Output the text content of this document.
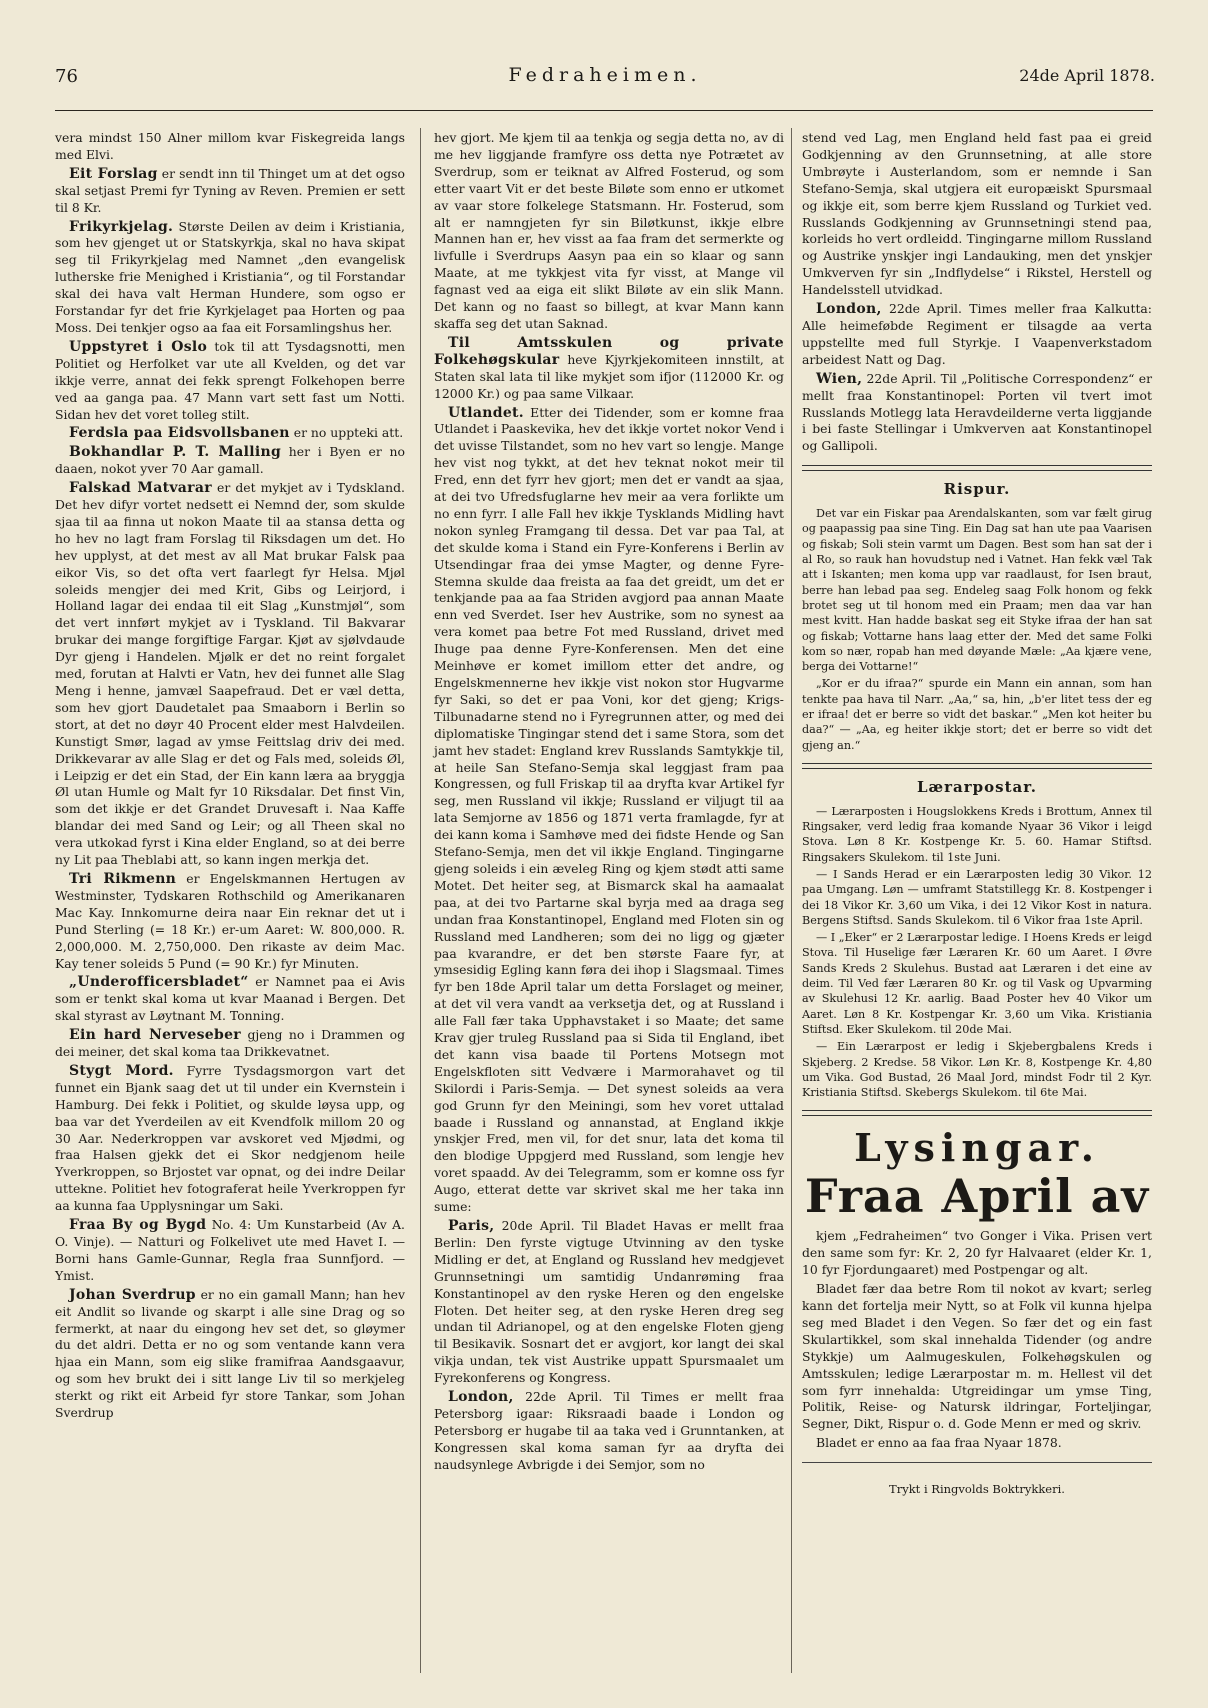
76	Fedraheimen.	24de April 1878.

vera mindst 150 Alner millom kvar Fiskegreida langs med Elvi.

Eit Forslag er sendt inn til Thinget um at det ogso skal setjast Premi fyr Tyning av Reven. Premien er sett til 8 Kr.

Frikyrkjelag. Største Deilen av deim i Kristiania, som hev gjenget ut or Statskyrkja, skal no hava skipat seg til Frikyrkjelag med Namnet „den evangelisk lutherske frie Menighed i Kristiania“, og til Forstandar skal dei hava valt Herman Hundere, som ogso er Forstandar fyr det frie Kyrkjelaget paa Horten og paa Moss. Dei tenkjer ogso aa faa eit Forsamlingshus her.

Uppstyret i Oslo tok til att Tysdagsnotti, men Politiet og Herfolket var ute all Kvelden, og det var ikkje verre, annat dei fekk sprengt Folkehopen berre ved aa ganga paa. 47 Mann vart sett fast um Notti. Sidan hev det voret tolleg stilt.

Ferdsla paa Eidsvollsbanen er no uppteki att.

Bokhandlar P. T. Malling her i Byen er no daaen, nokot yver 70 Aar gamall.

Falskad Matvarar er det mykjet av i Tydskland. Det hev difyr vortet nedsett ei Nemnd der, som skulde sjaa til aa finna ut nokon Maate til aa stansa detta og ho hev no lagt fram Forslag til Riksdagen um det. Ho hev upplyst, at det mest av all Mat brukar Falsk paa eikor Vis, so det ofta vert faarlegt fyr Helsa. Mjøl soleids mengjer dei med Krit, Gibs og Leirjord, i Holland lagar dei endaa til eit Slag „Kunstmjøl“, som det vert innført mykjet av i Tyskland. Til Bakvarar brukar dei mange forgiftige Fargar. Kjøt av sjølvdaude Dyr gjeng i Handelen. Mjølk er det no reint forgalet med, forutan at Halvti er Vatn, hev dei funnet alle Slag Meng i henne, jamvæl Saapefraud. Det er væl detta, som hev gjort Daudetalet paa Smaaborn i Berlin so stort, at det no døyr 40 Procent elder mest Halvdeilen. Kunstigt Smør, lagad av ymse Feittslag driv dei med. Drikkevarar av alle Slag er det og Fals med, soleids Øl, i Leipzig er det ein Stad, der Ein kann læra aa bryggja Øl utan Humle og Malt fyr 10 Riksdalar. Det finst Vin, som det ikkje er det Grandet Druvesaft i. Naa Kaffe blandar dei med Sand og Leir; og all Theen skal no vera utkokad fyrst i Kina elder England, so at dei berre ny Lit paa Theblabi att, so kann ingen merkja det.

Tri Rikmenn er Engelskmannen Hertugen av Westminster, Tydskaren Rothschild og Amerikanaren Mac Kay. Innkomurne deira naar Ein reknar det ut i Pund Sterling (= 18 Kr.) er-um Aaret: W. 800,000. R. 2,000,000. M. 2,750,000. Den rikaste av deim Mac. Kay tener soleids 5 Pund (= 90 Kr.) fyr Minuten.

„Underofficersbladet“ er Namnet paa ei Avis som er tenkt skal koma ut kvar Maanad i Bergen. Det skal styrast av Løytnant M. Tonning.

Ein hard Nerveseber gjeng no i Drammen og dei meiner, det skal koma taa Drikkevatnet.

Stygt Mord. Fyrre Tysdagsmorgon vart det funnet ein Bjank saag det ut til under ein Kvernstein i Hamburg. Dei fekk i Politiet, og skulde løysa upp, og baa var det Yverdeilen av eit Kvendfolk millom 20 og 30 Aar. Nederkroppen var avskoret ved Mjødmi, og fraa Halsen gjekk det ei Skor nedgjenom heile Yverkroppen, so Brjostet var opnat, og dei indre Deilar uttekne. Politiet hev fotograferat heile Yverkroppen fyr aa kunna faa Upplysningar um Saki.

Fraa By og Bygd No. 4: Um Kunstarbeid (Av A. O. Vinje). — Natturi og Folkelivet ute med Havet I. — Borni hans Gamle-Gunnar, Regla fraa Sunnfjord. — Ymist.

Johan Sverdrup er no ein gamall Mann; han hev eit Andlit so livande og skarpt i alle sine Drag og so fermerkt, at naar du eingong hev set det, so gløymer du det aldri. Detta er no og som ventande kann vera hjaa ein Mann, som eig slike framifraa Aandsgaavur, og som hev brukt dei i sitt lange Liv til so merkjeleg sterkt og rikt eit Arbeid fyr store Tankar, som Johan Sverdrup

hev gjort. Me kjem til aa tenkja og segja detta no, av di me hev liggjande framfyre oss detta nye Potrætet av Sverdrup, som er teiknat av Alfred Fosterud, og som etter vaart Vit er det beste Biløte som enno er utkomet av vaar store folkelege Statsmann. Hr. Fosterud, som alt er namngjeten fyr sin Biløtkunst, ikkje elbre Mannen han er, hev visst aa faa fram det sermerkte og livfulle i Sverdrups Aasyn paa ein so klaar og sann Maate, at me tykkjest vita fyr visst, at Mange vil fagnast ved aa eiga eit slikt Biløte av ein slik Mann. Det kann og no faast so billegt, at kvar Mann kann skaffa seg det utan Saknad.

Til Amtsskulen og private Folkehøgskular heve Kjyrkjekomiteen innstilt, at Staten skal lata til like mykjet som ifjor (112000 Kr. og 12000 Kr.) og paa same Vilkaar.

Utlandet. Etter dei Tidender, som er komne fraa Utlandet i Paaskevika, hev det ikkje vortet nokor Vend i det uvisse Tilstandet, som no hev vart so lengje. Mange hev vist nog tykkt, at det hev teknat nokot meir til Fred, enn det fyrr hev gjort; men det er vandt aa sjaa, at dei tvo Ufredsfuglarne hev meir aa vera forlikte um no enn fyrr. I alle Fall hev ikkje Tysklands Midling havt nokon synleg Framgang til dessa. Det var paa Tal, at det skulde koma i Stand ein Fyre-Konferens i Berlin av Utsendingar fraa dei ymse Magter, og denne Fyre-Stemna skulde daa freista aa faa det greidt, um det er tenkjande paa aa faa Striden avgjord paa annan Maate enn ved Sverdet. Iser hev Austrike, som no synest aa vera komet paa betre Fot med Russland, drivet med Ihuge paa denne Fyre-Konferensen. Men det eine Meinhøve er komet imillom etter det andre, og Engelskmennerne hev ikkje vist nokon stor Hugvarme fyr Saki, so det er paa Voni, kor det gjeng; Krigs-Tilbunadarne stend no i Fyregrunnen atter, og med dei diplomatiske Tingingar stend det i same Stora, som det jamt hev stadet: England krev Russlands Samtykkje til, at heile San Stefano-Semja skal leggjast fram paa Kongressen, og full Friskap til aa dryfta kvar Artikel fyr seg, men Russland vil ikkje; Russland er viljugt til aa lata Semjorne av 1856 og 1871 verta framlagde, fyr at dei kann koma i Samhøve med dei fidste Hende og San Stefano-Semja, men det vil ikkje England. Tingingarne gjeng soleids i ein æveleg Ring og kjem stødt atti same Motet. Det heiter seg, at Bismarck skal ha aamaalat paa, at dei tvo Partarne skal byrja med aa draga seg undan fraa Konstantinopel, England med Floten sin og Russland med Landheren; som dei no ligg og gjæter paa kvarandre, er det ben største Faare fyr, at ymsesidig Egling kann føra dei ihop i Slagsmaal. Times fyr ben 18de April talar um detta Forslaget og meiner, at det vil vera vandt aa verksetja det, og at Russland i alle Fall fær taka Upphavstaket i so Maate; det same Krav gjer truleg Russland paa si Sida til England, ibet det kann visa baade til Portens Motsegn mot Engelskfloten sitt Vedvære i Marmorahavet og til Skilordi i Paris-Semja. — Det synest soleids aa vera god Grunn fyr den Meiningi, som hev voret uttalad baade i Russland og annanstad, at England ikkje ynskjer Fred, men vil, for det snur, lata det koma til den blodige Uppgjerd med Russland, som lengje hev voret spaadd. Av dei Telegramm, som er komne oss fyr Augo, etterat dette var skrivet skal me her taka inn sume:

Paris, 20de April. Til Bladet Havas er mellt fraa Berlin: Den fyrste vigtuge Utvinning av den tyske Midling er det, at England og Russland hev medgjevet Grunnsetningi um samtidig Undanrøming fraa Konstantinopel av den ryske Heren og den engelske Floten. Det heiter seg, at den ryske Heren dreg seg undan til Adrianopel, og at den engelske Floten gjeng til Besikavik. Sosnart det er avgjort, kor langt dei skal vikja undan, tek vist Austrike uppatt Spursmaalet um Fyrekonferens og Kongress.

London, 22de April. Til Times er mellt fraa Petersborg igaar: Riksraadi baade i London og Petersborg er hugabe til aa taka ved i Grunntanken, at Kongressen skal koma saman fyr aa dryfta dei naudsynlege Avbrigde i dei Semjor, som no

stend ved Lag, men England held fast paa ei greid Godkjenning av den Grunnsetning, at alle store Umbrøyte i Austerlandom, som er nemnde i San Stefano-Semja, skal utgjera eit europæiskt Spursmaal og ikkje eit, som berre kjem Russland og Turkiet ved. Russlands Godkjenning av Grunnsetningi stend paa, korleids ho vert ordleidd. Tingingarne millom Russland og Austrike ynskjer ingi Landauking, men det ynskjer Umkverven fyr sin „Indflydelse“ i Rikstel, Herstell og Handelsstell utvidkad.

London, 22de April. Times meller fraa Kalkutta: Alle heimeføbde Regiment er tilsagde aa verta uppstellte med full Styrkje. I Vaapenverkstadom arbeidest Natt og Dag.

Wien, 22de April. Til „Politische Correspondenz“ er mellt fraa Konstantinopel: Porten vil tvert imot Russlands Motlegg lata Heravdeilderne verta liggjande i bei faste Stellingar i Umkverven aat Konstantinopel og Gallipoli.

Rispur.

Det var ein Fiskar paa Arendalskanten, som var fælt girug og paapassig paa sine Ting. Ein Dag sat han ute paa Vaarisen og fiskab; Soli stein varmt um Dagen. Best som han sat der i al Ro, so rauk han hovudstup ned i Vatnet. Han fekk væl Tak att i Iskanten; men koma upp var raadlaust, for Isen braut, berre han lebad paa seg. Endeleg saag Folk honom og fekk brotet seg ut til honom med ein Praam; men daa var han mest kvitt. Han hadde baskat seg eit Styke ifraa der han sat og fiskab; Vottarne hans laag etter der. Med det same Folki kom so nær, ropab han med døyande Mæle: „Aa kjære vene, berga dei Vottarne!“

„Kor er du ifraa?“ spurde ein Mann ein annan, som han tenkte paa hava til Narr. „Aa,“ sa, hin, „b'er litet tess der eg er ifraa! det er berre so vidt det baskar.“ „Men kot heiter bu daa?“ — „Aa, eg heiter ikkje stort; det er berre so vidt det gjeng an.“

Lærarpostar.

— Lærarposten i Hougslokkens Kreds i Brottum, Annex til Ringsaker, verd ledig fraa komande Nyaar 36 Vikor i leigd Stova. Løn 8 Kr. Kostpenge Kr. 5. 60. Hamar Stiftsd. Ringsakers Skulekom. til 1ste Juni.

— I Sands Herad er ein Lærarposten ledig 30 Vikor. 12 paa Umgang. Løn — umframt Statstillegg Kr. 8. Kostpenger i dei 18 Vikor Kr. 3,60 um Vika, i dei 12 Vikor Kost in natura. Bergens Stiftsd. Sands Skulekom. til 6 Vikor fraa 1ste April.

— I „Eker“ er 2 Lærarpostar ledige. I Hoens Kreds er leigd Stova. Til Huselige fær Læraren Kr. 60 um Aaret. I Øvre Sands Kreds 2 Skulehus. Bustad aat Læraren i det eine av deim. Til Ved fær Læraren 80 Kr. og til Vask og Upvarming av Skulehusi 12 Kr. aarlig. Baad Poster hev 40 Vikor um Aaret. Løn 8 Kr. Kostpengar Kr. 3,60 um Vika. Kristiania Stiftsd. Eker Skulekom. til 20de Mai.

— Ein Lærarpost er ledig i Skjebergbalens Kreds i Skjeberg. 2 Kredse. 58 Vikor. Løn Kr. 8, Kostpenge Kr. 4,80 um Vika. God Bustad, 26 Maal Jord, mindst Fodr til 2 Kyr. Kristiania Stiftsd. Skebergs Skulekom. til 6te Mai.

Lysingar.
Fraa April av

kjem „Fedraheimen“ tvo Gonger i Vika. Prisen vert den same som fyr: Kr. 2, 20 fyr Halvaaret (elder Kr. 1, 10 fyr Fjordungaaret) med Postpengar og alt.

Bladet fær daa betre Rom til nokot av kvart; serleg kann det fortelja meir Nytt, so at Folk vil kunna hjelpa seg med Bladet i den Vegen. So fær det og ein fast Skulartikkel, som skal innehalda Tidender (og andre Stykkje) um Aalmugeskulen, Folkehøgskulen og Amtsskulen; ledige Lærarpostar m. m. Hellest vil det som fyrr innehalda: Utgreidingar um ymse Ting, Politik, Reise- og Natursk ildringar, Forteljingar, Segner, Dikt, Rispur o. d. Gode Menn er med og skriv.

Bladet er enno aa faa fraa Nyaar 1878.

Trykt i Ringvolds Boktrykkeri.
